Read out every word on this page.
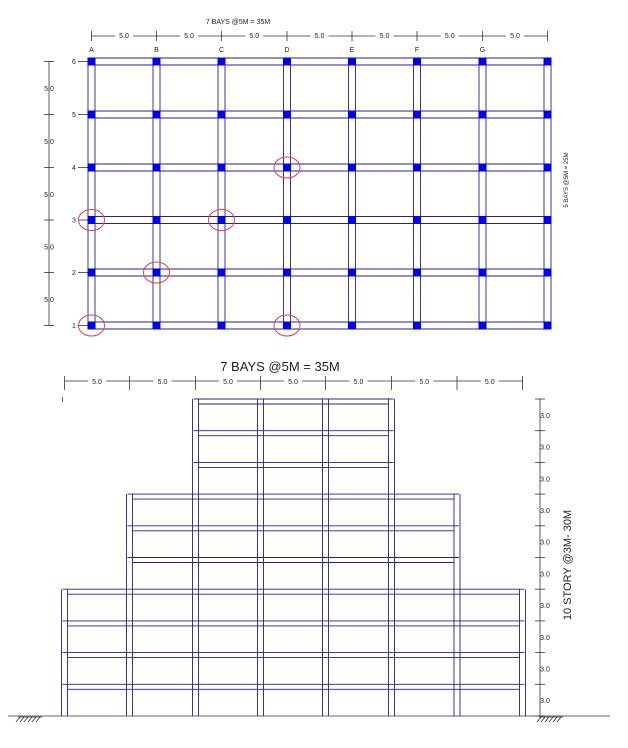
7 BAYS @5M = 35M
5.0	5.0	5.0	5.0	5.0	5.0	5.0
A	B	C	D	E	F	G
5.0
5.0
5.0
5.0
5.0
6
5
4
3
2
1
5 BAYS @5M = 25M
7 BAYS @5M = 35M
5.0	5.0	5.0	5.0	5.0	5.0	5.0
3.0
3.0
3.0
3.0
3.0
3.0
3.0
3.0
3.0
3.0
10 STORY @3M- 30M
